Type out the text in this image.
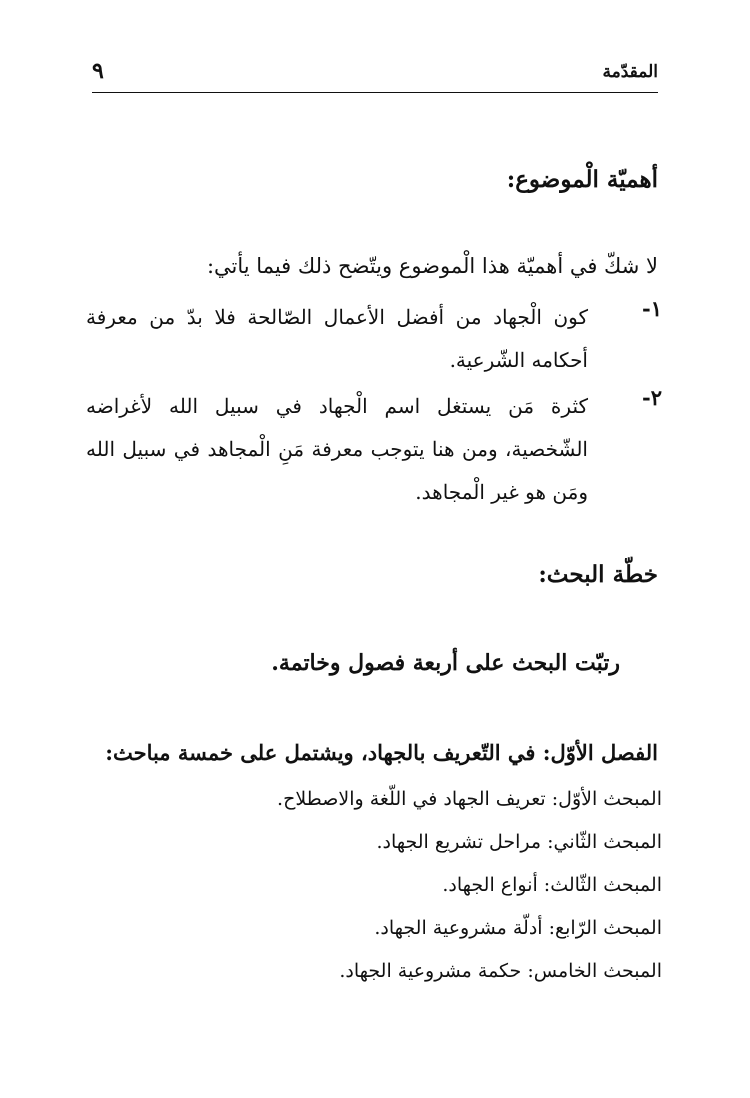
المقدّمة
٩
أهميّة الْموضوع:

لا شكّ في أهميّة هذا الْموضوع ويتّضح ذلك فيما يأتي:

١-
كون الْجهاد من أفضل الأعمال الصّالحة فلا بدّ من معرفة أحكامه الشّرعية.
٢-
كثرة مَن يستغل اسم الْجهاد في سبيل الله لأغراضه الشّخصية، ومن هنا يتوجب معرفة مَنِ الْمجاهد في سبيل الله ومَن هو غير الْمجاهد.
خطّة البحث:

رتبّت البحث على أربعة فصول وخاتمة.

الفصل الأوّل: في التّعريف بالجهاد، ويشتمل على خمسة مباحث:

المبحث الأوّل: تعريف الجهاد في اللّغة والاصطلاح.

المبحث الثّاني: مراحل تشريع الجهاد.

المبحث الثّالث: أنواع الجهاد.

المبحث الرّابع: أدلّة مشروعية الجهاد.

المبحث الخامس: حكمة مشروعية الجهاد.
